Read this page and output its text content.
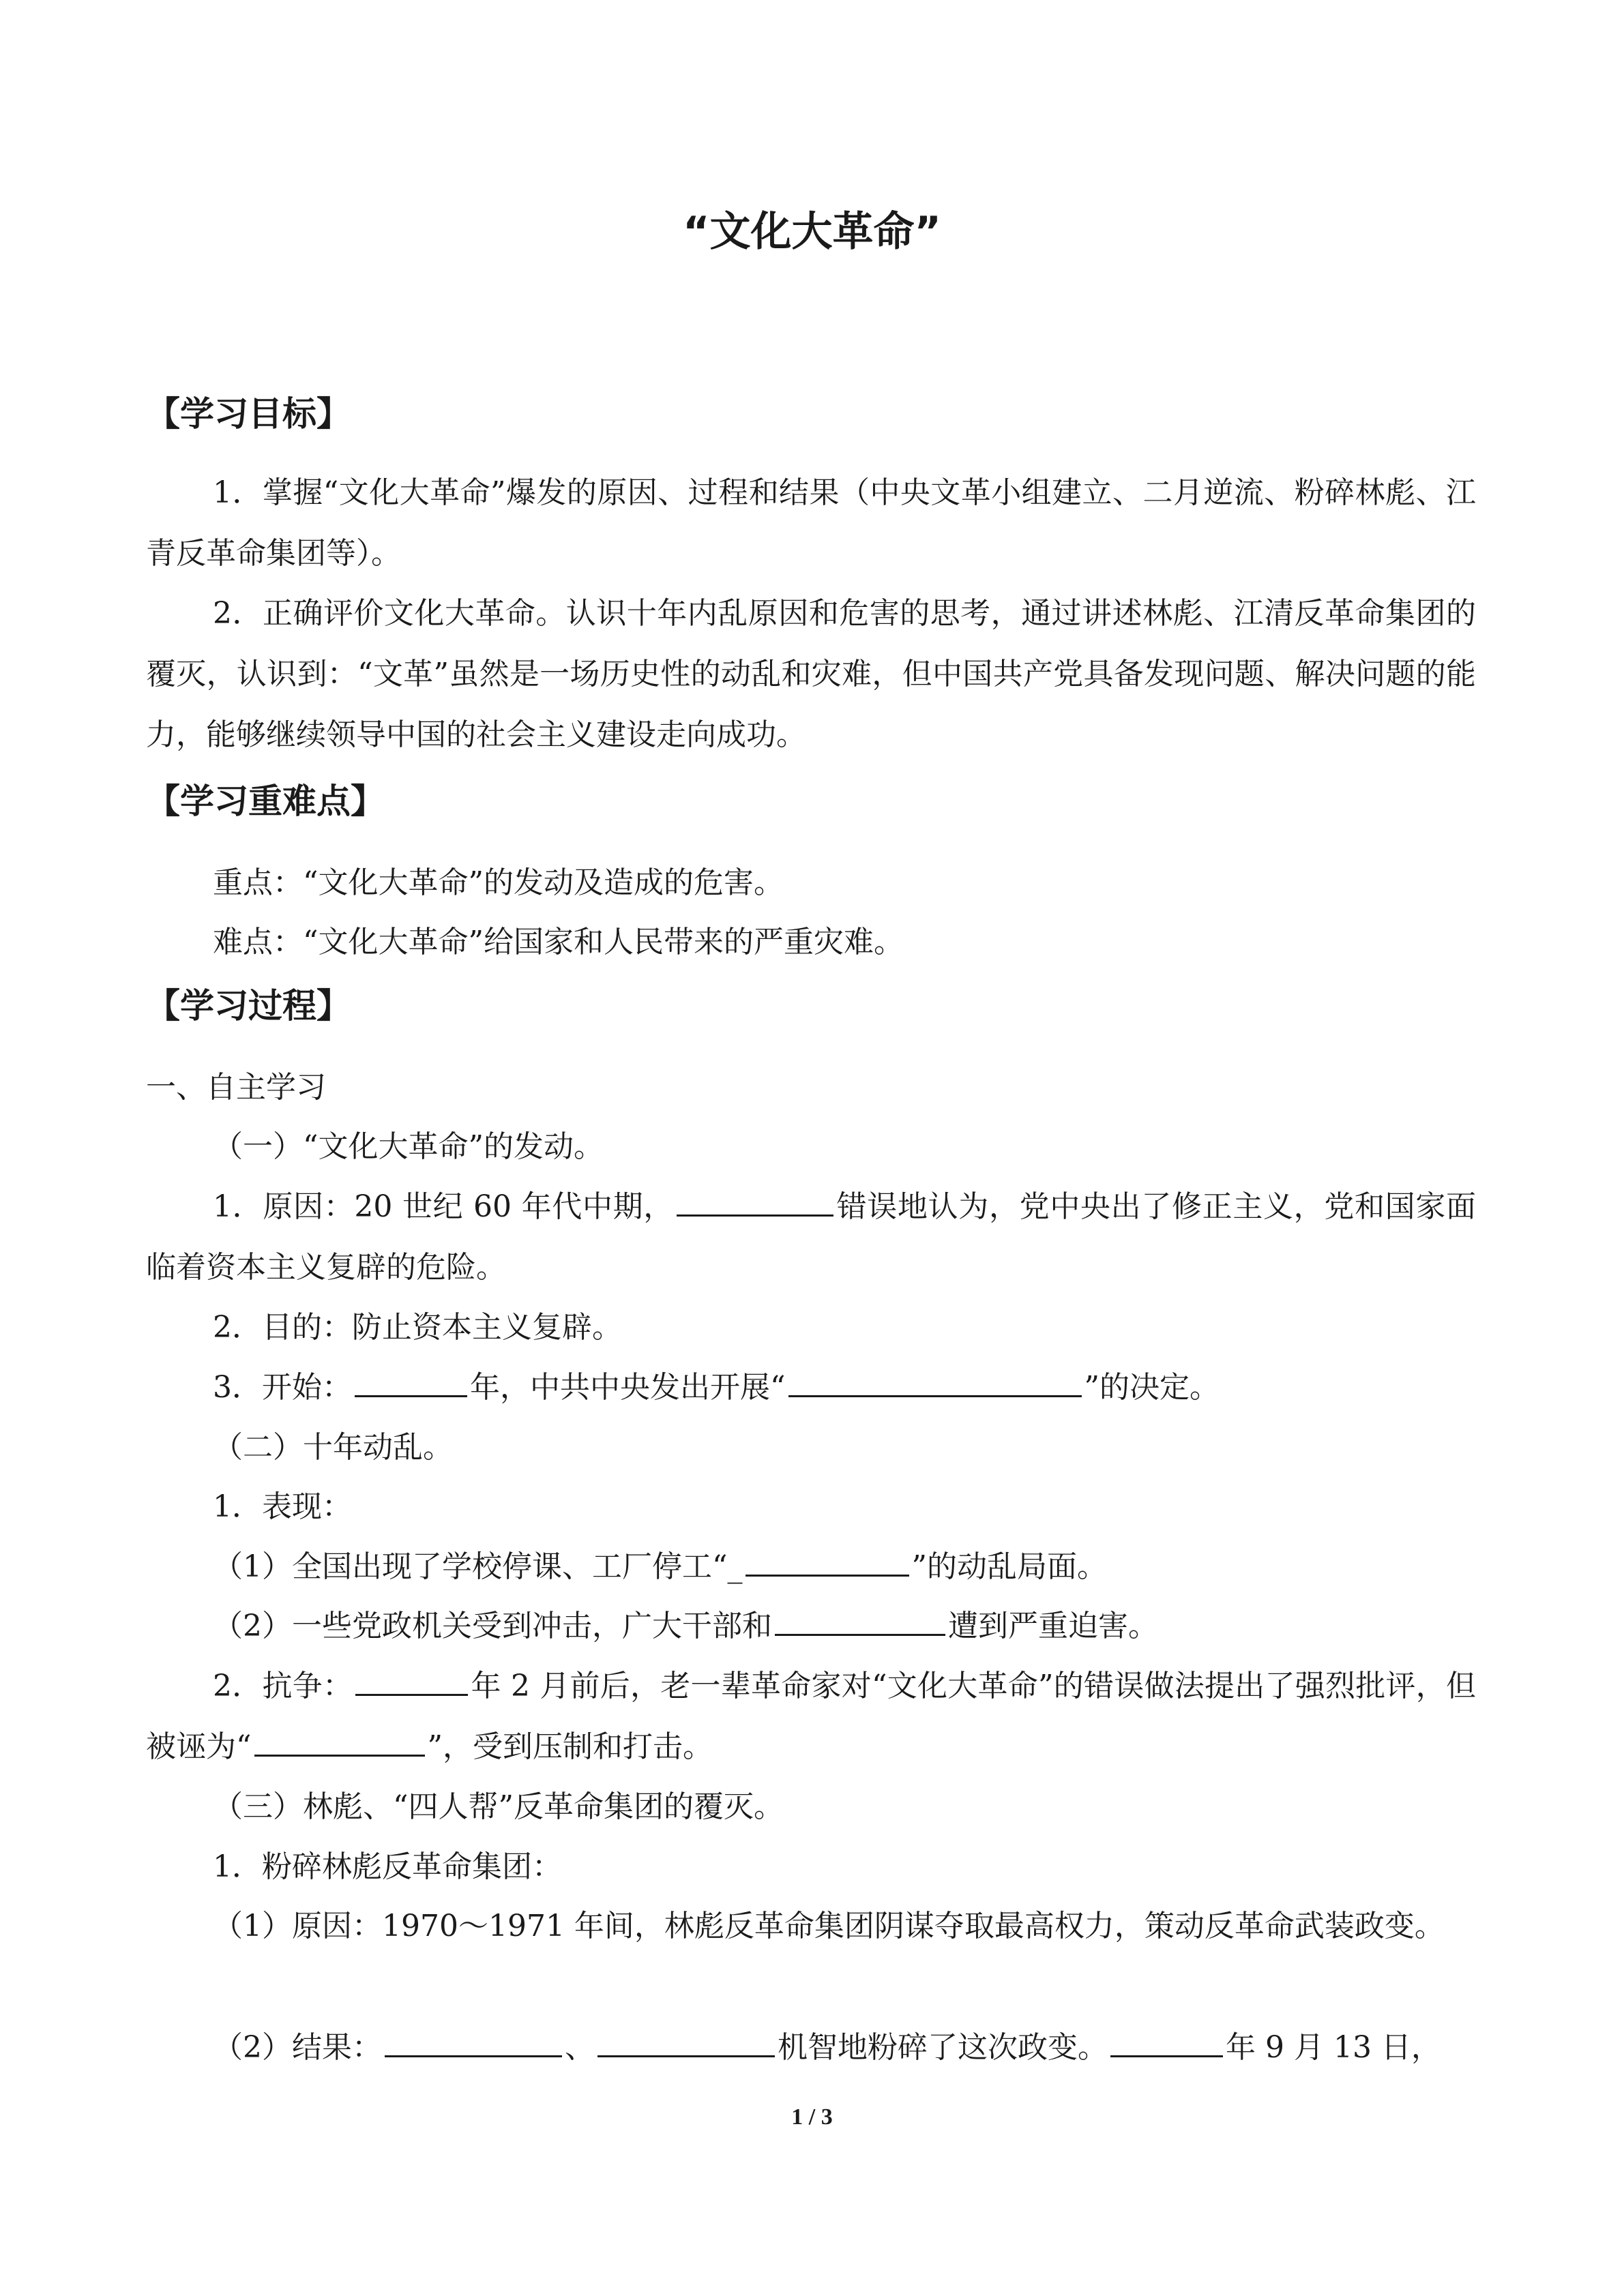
“文化大革命”
【学习目标】

1．掌握“文化大革命”爆发的原因、过程和结果（中央文革小组建立、二月逆流、粉碎林彪、江青反革命集团等）。

2．正确评价文化大革命。认识十年内乱原因和危害的思考，通过讲述林彪、江清反革命集团的覆灭，认识到：“文革”虽然是一场历史性的动乱和灾难，但中国共产党具备发现问题、解决问题的能力，能够继续领导中国的社会主义建设走向成功。

【学习重难点】

重点：“文化大革命”的发动及造成的危害。

难点：“文化大革命”给国家和人民带来的严重灾难。

【学习过程】

一、自主学习

（一）“文化大革命”的发动。

1．原因：20 世纪 60 年代中期，	错误地认为，党中央出了修正主义，党和国家面临着资本主义复辟的危险。

2．目的：防止资本主义复辟。

3．开始：	年，中共中央发出开展“	”的决定。

（二）十年动乱。

1．表现：

（1）全国出现了学校停课、工厂停工“_	”的动乱局面。

（2）一些党政机关受到冲击，广大干部和	遭到严重迫害。

2．抗争：	年 2 月前后，老一辈革命家对“文化大革命”的错误做法提出了强烈批评，但被诬为“	”，受到压制和打击。

（三）林彪、“四人帮”反革命集团的覆灭。

1．粉碎林彪反革命集团：

（1）原因：1970～1971 年间，林彪反革命集团阴谋夺取最高权力，策动反革命武装政变。

（2）结果：	、	机智地粉碎了这次政变。	年 9 月 13 日，

1 / 3
